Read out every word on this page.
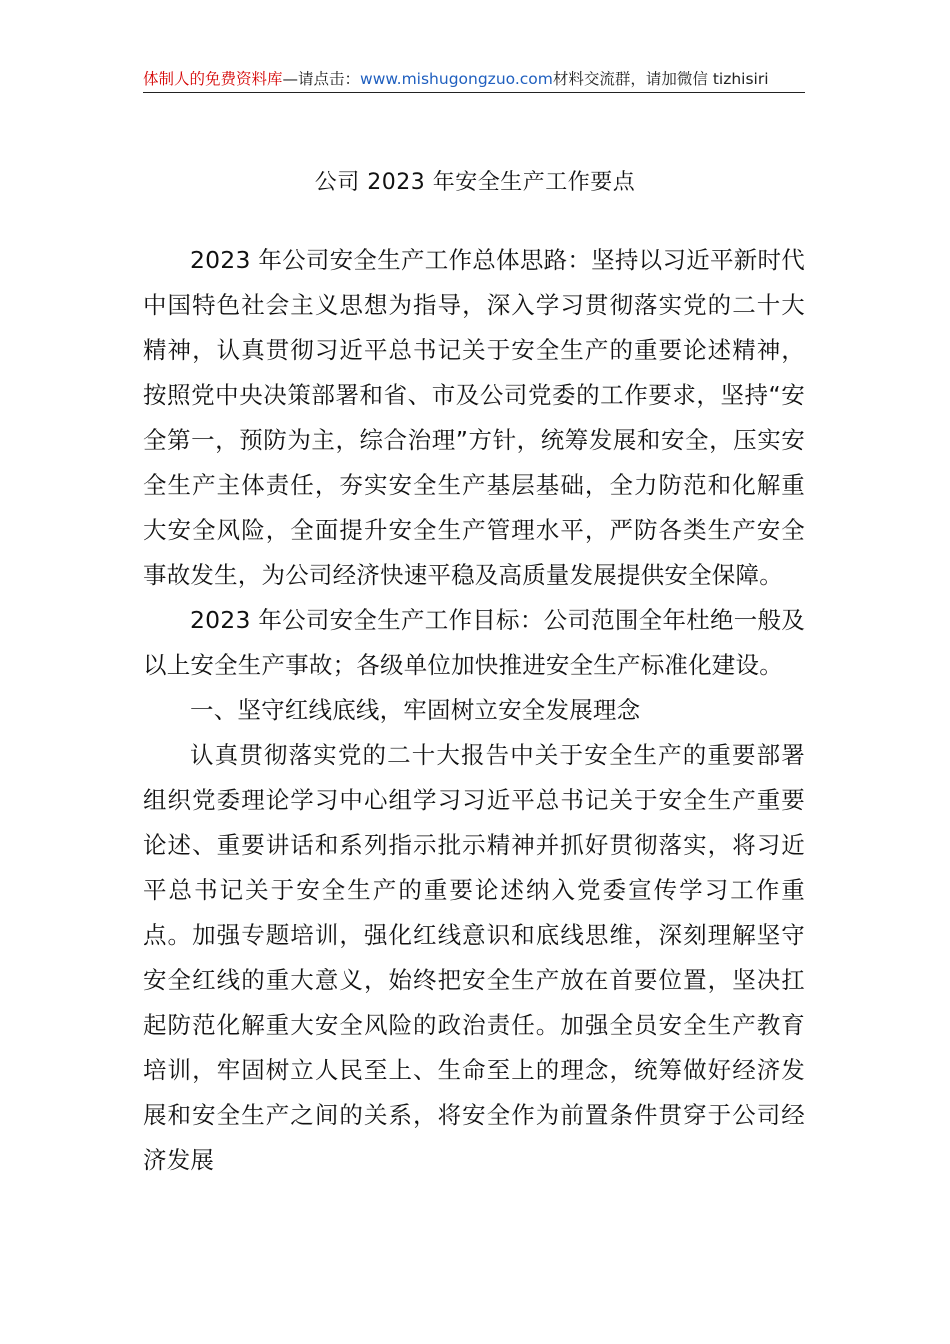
体制人的免费资料库—请点击：www.mishugongzuo.com材料交流群，请加微信 tizhisiri
公司 2023 年安全生产工作要点

2023 年公司安全生产工作总体思路：坚持以习近平新时代中国特色社会主义思想为指导，深入学习贯彻落实党的二十大精神，认真贯彻习近平总书记关于安全生产的重要论述精神，按照党中央决策部署和省、市及公司党委的工作要求，坚持“安全第一，预防为主，综合治理”方针，统筹发展和安全，压实安全生产主体责任，夯实安全生产基层基础，全力防范和化解重大安全风险，全面提升安全生产管理水平，严防各类生产安全事故发生，为公司经济快速平稳及高质量发展提供安全保障。

2023 年公司安全生产工作目标：公司范围全年杜绝一般及以上安全生产事故；各级单位加快推进安全生产标准化建设。

一、坚守红线底线，牢固树立安全发展理念

认真贯彻落实党的二十大报告中关于安全生产的重要部署组织党委理论学习中心组学习习近平总书记关于安全生产重要论述、重要讲话和系列指示批示精神并抓好贯彻落实，将习近平总书记关于安全生产的重要论述纳入党委宣传学习工作重点。加强专题培训，强化红线意识和底线思维，深刻理解坚守安全红线的重大意义，始终把安全生产放在首要位置，坚决扛起防范化解重大安全风险的政治责任。加强全员安全生产教育培训，牢固树立人民至上、生命至上的理念，统筹做好经济发展和安全生产之间的关系，将安全作为前置条件贯穿于公司经济发展
